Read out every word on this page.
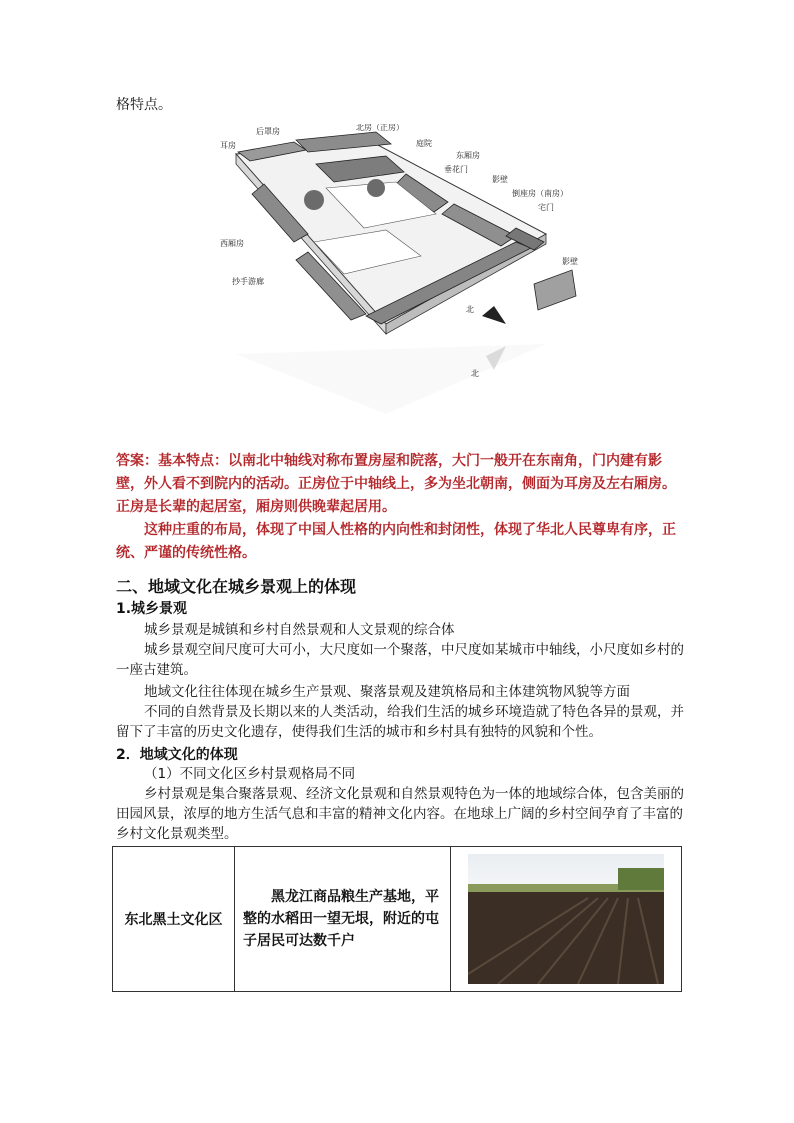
格特点。
北
后罩房
耳房
北房（正房）
庭院
东厢房
垂花门
影壁
倒座房（南房）
宅门
西厢房
抄手游廊
影壁
北

答案：基本特点：以南北中轴线对称布置房屋和院落，大门一般开在东南角，门内建有影壁，外人看不到院内的活动。正房位于中轴线上，多为坐北朝南，侧面为耳房及左右厢房。正房是长辈的起居室，厢房则供晚辈起居用。

这种庄重的布局，体现了中国人性格的内向性和封闭性，体现了华北人民尊卑有序，正统、严谨的传统性格。

二、地域文化在城乡景观上的体现
1.城乡景观
城乡景观是城镇和乡村自然景观和人文景观的综合体
城乡景观空间尺度可大可小，大尺度如一个聚落，中尺度如某城市中轴线，小尺度如乡村的一座古建筑。
地域文化往往体现在城乡生产景观、聚落景观及建筑格局和主体建筑物风貌等方面
不同的自然背景及长期以来的人类活动，给我们生活的城乡环境造就了特色各异的景观，并留下了丰富的历史文化遗存，使得我们生活的城市和乡村具有独特的风貌和个性。
2．地域文化的体现
（1）不同文化区乡村景观格局不同
乡村景观是集合聚落景观、经济文化景观和自然景观特色为一体的地域综合体，包含美丽的田园风景，浓厚的地方生活气息和丰富的精神文化内容。在地球上广阔的乡村空间孕育了丰富的乡村文化景观类型。
东北黑土文化区
黑龙江商品粮生产基地，平整的水稻田一望无垠，附近的屯子居民可达数千户
